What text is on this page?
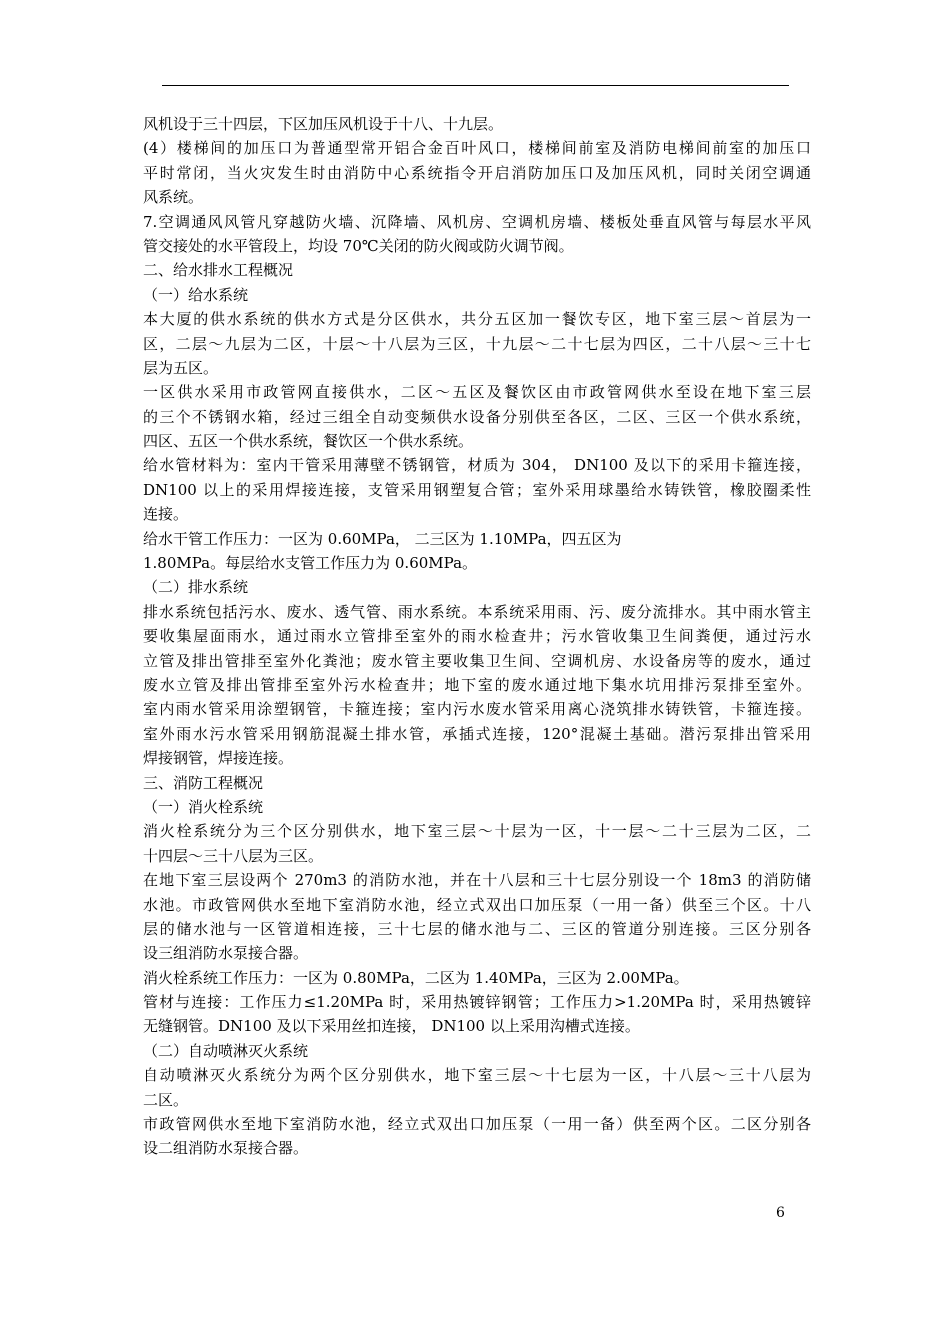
风机设于三十四层，下区加压风机设于十八、十九层。
(4）楼梯间的加压口为普通型常开铝合金百叶风口，楼梯间前室及消防电梯间前室的加压口
平时常闭，当火灾发生时由消防中心系统指令开启消防加压口及加压风机，同时关闭空调通
风系统。
7.空调通风风管凡穿越防火墙、沉降墙、风机房、空调机房墙、楼板处垂直风管与每层水平风
管交接处的水平管段上，均设 70℃关闭的防火阀或防火调节阀。
二、给水排水工程概况
（一）给水系统
本大厦的供水系统的供水方式是分区供水，共分五区加一餐饮专区，地下室三层～首层为一
区，二层～九层为二区，十层～十八层为三区，十九层～二十七层为四区，二十八层～三十七
层为五区。
一区供水采用市政管网直接供水，二区～五区及餐饮区由市政管网供水至设在地下室三层
的三个不锈钢水箱，经过三组全自动变频供水设备分别供至各区，二区、三区一个供水系统，
四区、五区一个供水系统，餐饮区一个供水系统。
给水管材料为：室内干管采用薄壁不锈钢管，材质为 304， DN100 及以下的采用卡箍连接，
DN100 以上的采用焊接连接，支管采用钢塑复合管；室外采用球墨给水铸铁管，橡胶圈柔性
连接。
给水干管工作压力：一区为 0.60MPa， 二三区为 1.10MPa，四五区为
1.80MPa。每层给水支管工作压力为 0.60MPa。
（二）排水系统
排水系统包括污水、废水、透气管、雨水系统。本系统采用雨、污、废分流排水。其中雨水管主
要收集屋面雨水，通过雨水立管排至室外的雨水检查井；污水管收集卫生间粪便，通过污水
立管及排出管排至室外化粪池；废水管主要收集卫生间、空调机房、水设备房等的废水，通过
废水立管及排出管排至室外污水检查井；地下室的废水通过地下集水坑用排污泵排至室外。
室内雨水管采用涂塑钢管，卡箍连接；室内污水废水管采用离心浇筑排水铸铁管，卡箍连接。
室外雨水污水管采用钢筋混凝土排水管，承插式连接，120°混凝土基础。潜污泵排出管采用
焊接钢管，焊接连接。
三、消防工程概况
（一）消火栓系统
消火栓系统分为三个区分别供水，地下室三层～十层为一区，十一层～二十三层为二区，二
十四层～三十八层为三区。
在地下室三层设两个 270m3 的消防水池，并在十八层和三十七层分别设一个 18m3 的消防储
水池。市政管网供水至地下室消防水池，经立式双出口加压泵（一用一备）供至三个区。十八
层的储水池与一区管道相连接，三十七层的储水池与二、三区的管道分别连接。三区分别各
设三组消防水泵接合器。
消火栓系统工作压力：一区为 0.80MPa，二区为 1.40MPa，三区为 2.00MPa。
管材与连接：工作压力≤1.20MPa 时，采用热镀锌钢管；工作压力>1.20MPa 时，采用热镀锌
无缝钢管。DN100 及以下采用丝扣连接， DN100 以上采用沟槽式连接。
（二）自动喷淋灭火系统
自动喷淋灭火系统分为两个区分别供水，地下室三层～十七层为一区，十八层～三十八层为
二区。
市政管网供水至地下室消防水池，经立式双出口加压泵（一用一备）供至两个区。二区分别各
设二组消防水泵接合器。
6
